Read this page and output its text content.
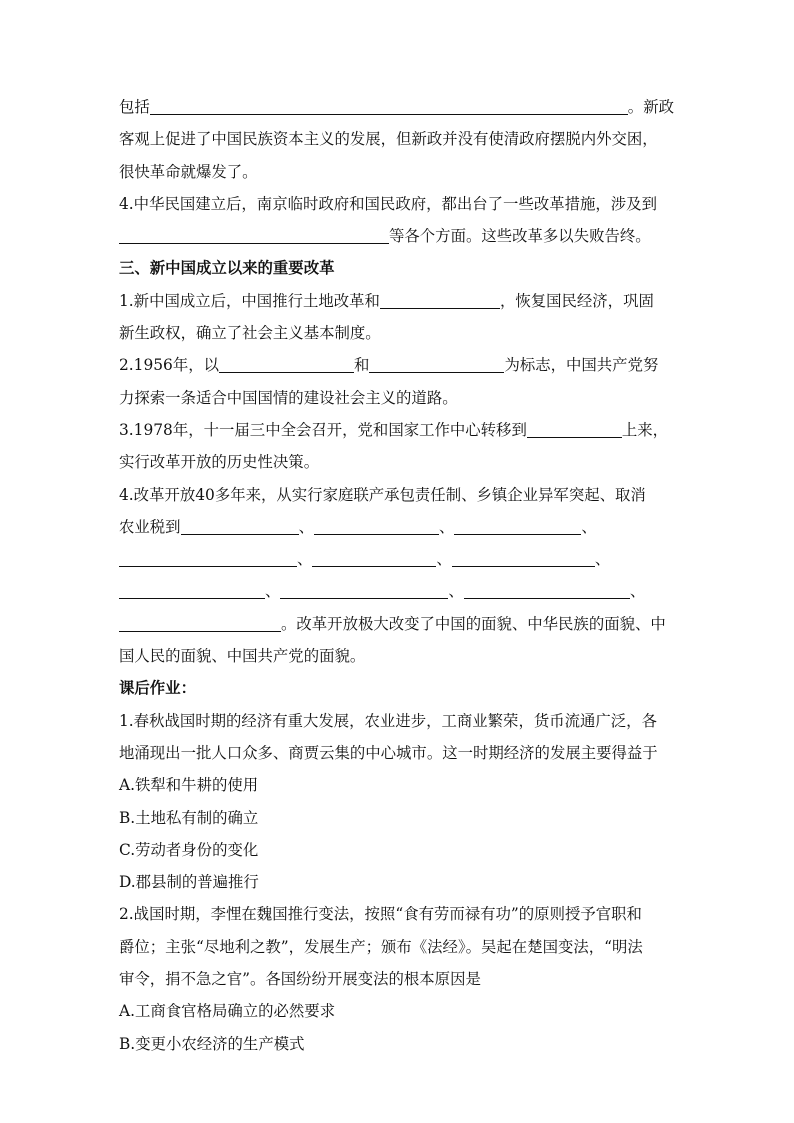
包括	。新政
客观上促进了中国民族资本主义的发展，但新政并没有使清政府摆脱内外交困，
很快革命就爆发了。
4.中华民国建立后，南京临时政府和国民政府，都出台了一些改革措施，涉及到
等各个方面。这些改革多以失败告终。
三、新中国成立以来的重要改革
1.新中国成立后，中国推行土地改革和	，恢复国民经济，巩固
新生政权，确立了社会主义基本制度。
2.1956年，以	和	为标志，中国共产党努
力探索一条适合中国国情的建设社会主义的道路。
3.1978年，十一届三中全会召开，党和国家工作中心转移到	上来，
实行改革开放的历史性决策。
4.改革开放40多年来，从实行家庭联产承包责任制、乡镇企业异军突起、取消
农业税到	、	、	、
、	、	、
、	、	、
。改革开放极大改变了中国的面貌、中华民族的面貌、中
国人民的面貌、中国共产党的面貌。
课后作业：
1.春秋战国时期的经济有重大发展，农业进步，工商业繁荣，货币流通广泛，各
地涌现出一批人口众多、商贾云集的中心城市。这一时期经济的发展主要得益于
A.铁犁和牛耕的使用
B.土地私有制的确立
C.劳动者身份的变化
D.郡县制的普遍推行
2.战国时期，李悝在魏国推行变法，按照“食有劳而禄有功”的原则授予官职和
爵位；主张“尽地利之教”，发展生产；颁布《法经》。吴起在楚国变法，“明法
审令，捐不急之官”。各国纷纷开展变法的根本原因是
A.工商食官格局确立的必然要求
B.变更小农经济的生产模式
